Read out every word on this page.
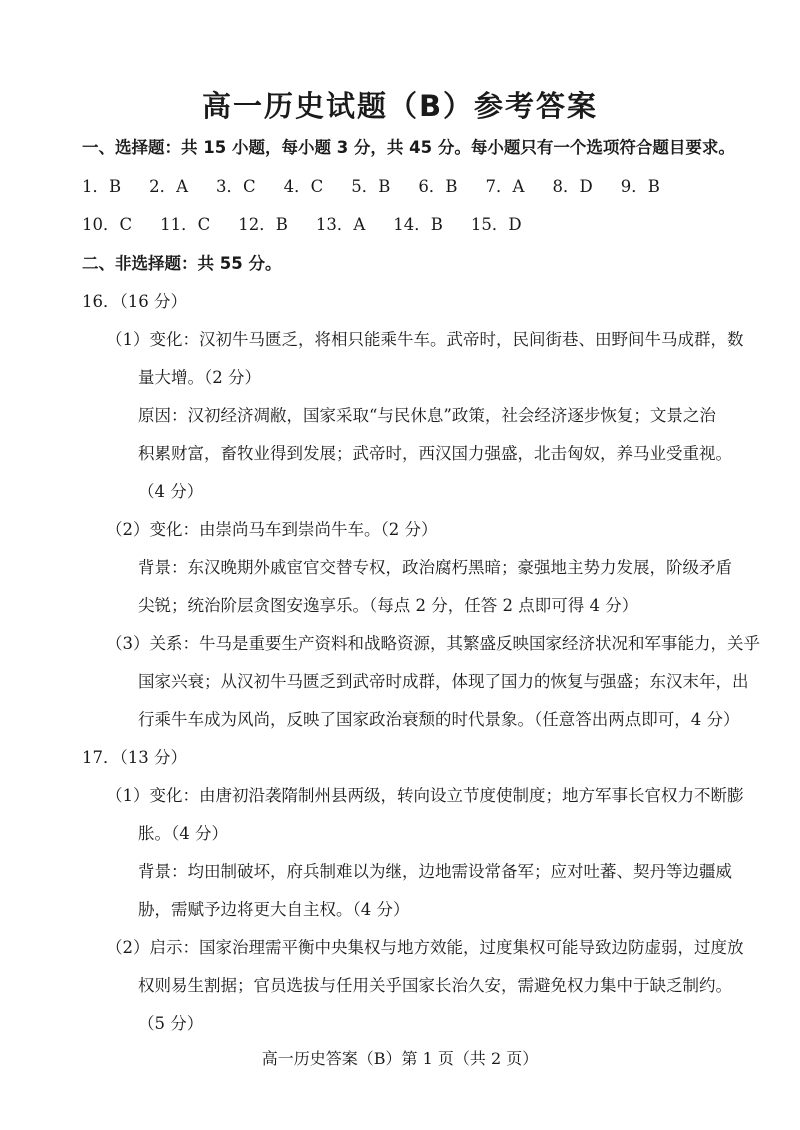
高一历史试题（B）参考答案
一、选择题：共 15 小题，每小题 3 分，共 45 分。每小题只有一个选项符合题目要求。
1．B 2．A 3．C 4．C 5．B 6．B 7．A 8．D 9．B
10．C 11．C 12．B 13．A 14．B 15．D
二、非选择题：共 55 分。
16．（16 分）
（1）变化：汉初牛马匮乏，将相只能乘牛车。武帝时，民间街巷、田野间牛马成群，数
量大增。（2 分）
原因：汉初经济凋敝，国家采取“与民休息”政策，社会经济逐步恢复；文景之治
积累财富，畜牧业得到发展；武帝时，西汉国力强盛，北击匈奴，养马业受重视。
（4 分）
（2）变化：由崇尚马车到崇尚牛车。（2 分）
背景：东汉晚期外戚宦官交替专权，政治腐朽黑暗；豪强地主势力发展，阶级矛盾
尖锐；统治阶层贪图安逸享乐。（每点 2 分，任答 2 点即可得 4 分）
（3）关系：牛马是重要生产资料和战略资源，其繁盛反映国家经济状况和军事能力，关乎
国家兴衰；从汉初牛马匮乏到武帝时成群，体现了国力的恢复与强盛；东汉末年，出
行乘牛车成为风尚，反映了国家政治衰颓的时代景象。（任意答出两点即可，4 分）
17．（13 分）
（1）变化：由唐初沿袭隋制州县两级，转向设立节度使制度；地方军事长官权力不断膨
胀。（4 分）
背景：均田制破坏，府兵制难以为继，边地需设常备军；应对吐蕃、契丹等边疆威
胁，需赋予边将更大自主权。（4 分）
（2）启示：国家治理需平衡中央集权与地方效能，过度集权可能导致边防虚弱，过度放
权则易生割据；官员选拔与任用关乎国家长治久安，需避免权力集中于缺乏制约。
（5 分）
高一历史答案（B）第 1 页（共 2 页）
